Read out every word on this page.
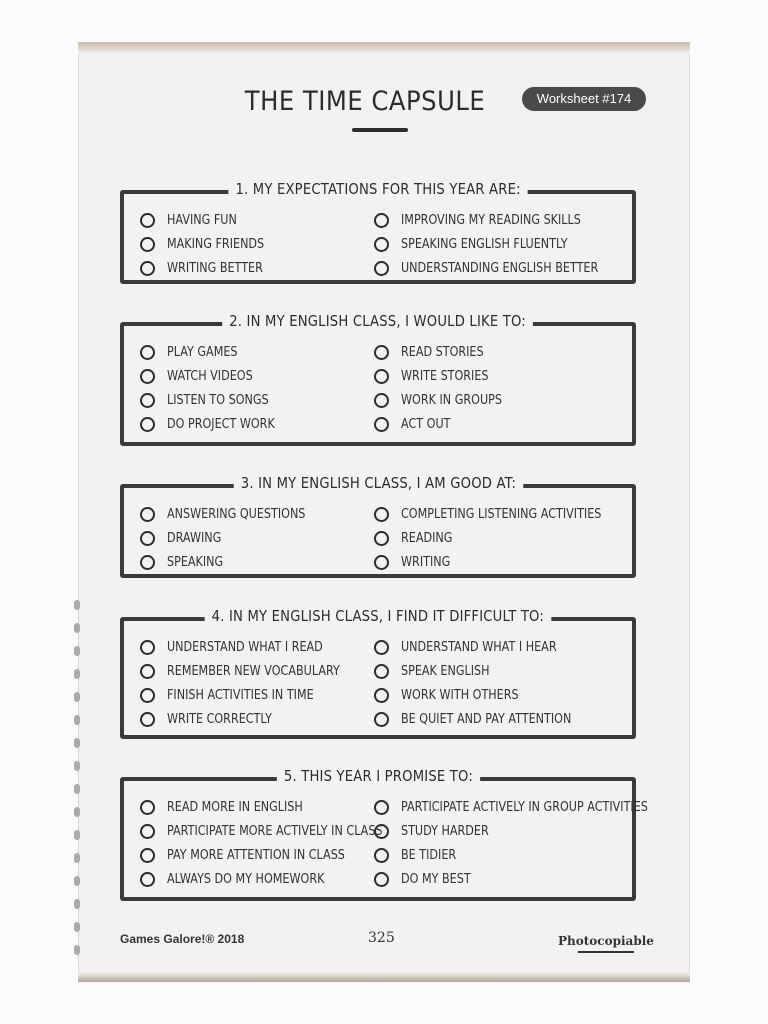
THE TIME CAPSULE	Worksheet #174
1. MY EXPECTATIONS FOR THIS YEAR ARE:
HAVING FUN
MAKING FRIENDS
WRITING BETTER
IMPROVING MY READING SKILLS
SPEAKING ENGLISH FLUENTLY
UNDERSTANDING ENGLISH BETTER
2. IN MY ENGLISH CLASS, I WOULD LIKE TO:
PLAY GAMES
WATCH VIDEOS
LISTEN TO SONGS
DO PROJECT WORK
READ STORIES
WRITE STORIES
WORK IN GROUPS
ACT OUT
3. IN MY ENGLISH CLASS, I AM GOOD AT:
ANSWERING QUESTIONS
DRAWING
SPEAKING
COMPLETING LISTENING ACTIVITIES
READING
WRITING
4. IN MY ENGLISH CLASS, I FIND IT DIFFICULT TO:
UNDERSTAND WHAT I READ
REMEMBER NEW VOCABULARY
FINISH ACTIVITIES IN TIME
WRITE CORRECTLY
UNDERSTAND WHAT I HEAR
SPEAK ENGLISH
WORK WITH OTHERS
BE QUIET AND PAY ATTENTION
5. THIS YEAR I PROMISE TO:
READ MORE IN ENGLISH
PARTICIPATE MORE ACTIVELY IN CLASS
PAY MORE ATTENTION IN CLASS
ALWAYS DO MY HOMEWORK
PARTICIPATE ACTIVELY IN GROUP ACTIVITIES
STUDY HARDER
BE TIDIER
DO MY BEST
Games Galore!® 2018	325	Photocopiable
